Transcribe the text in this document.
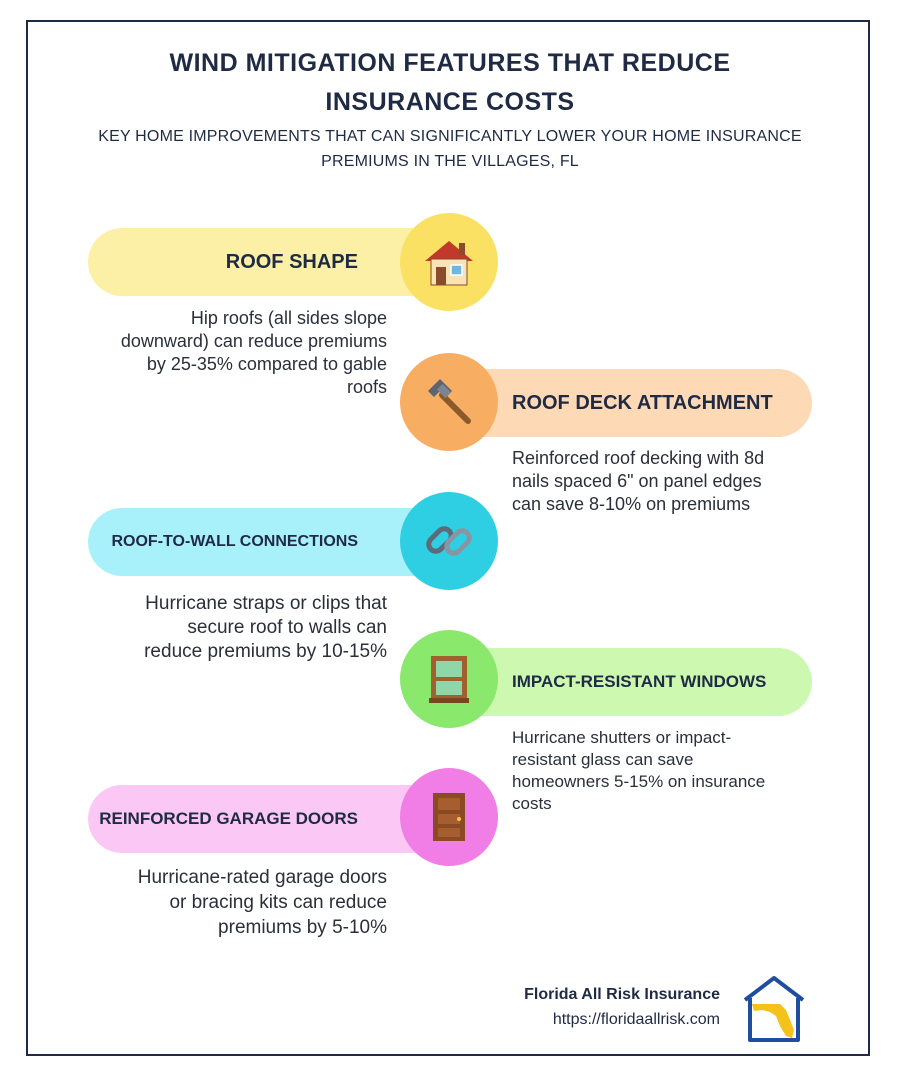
WIND MITIGATION FEATURES THAT REDUCE
INSURANCE COSTS
KEY HOME IMPROVEMENTS THAT CAN SIGNIFICANTLY LOWER YOUR HOME INSURANCE
PREMIUMS IN THE VILLAGES, FL
ROOF SHAPE
Hip roofs (all sides slope
downward) can reduce premiums
by 25-35% compared to gable
roofs
ROOF DECK ATTACHMENT
Reinforced roof decking with 8d
nails spaced 6" on panel edges
can save 8-10% on premiums
ROOF-TO-WALL CONNECTIONS
Hurricane straps or clips that
secure roof to walls can
reduce premiums by 10-15%
IMPACT-RESISTANT WINDOWS
Hurricane shutters or impact-
resistant glass can save
homeowners 5-15% on insurance
costs
REINFORCED GARAGE DOORS
Hurricane-rated garage doors
or bracing kits can reduce
premiums by 5-10%
Florida All Risk Insurance
https://floridaallrisk.com
